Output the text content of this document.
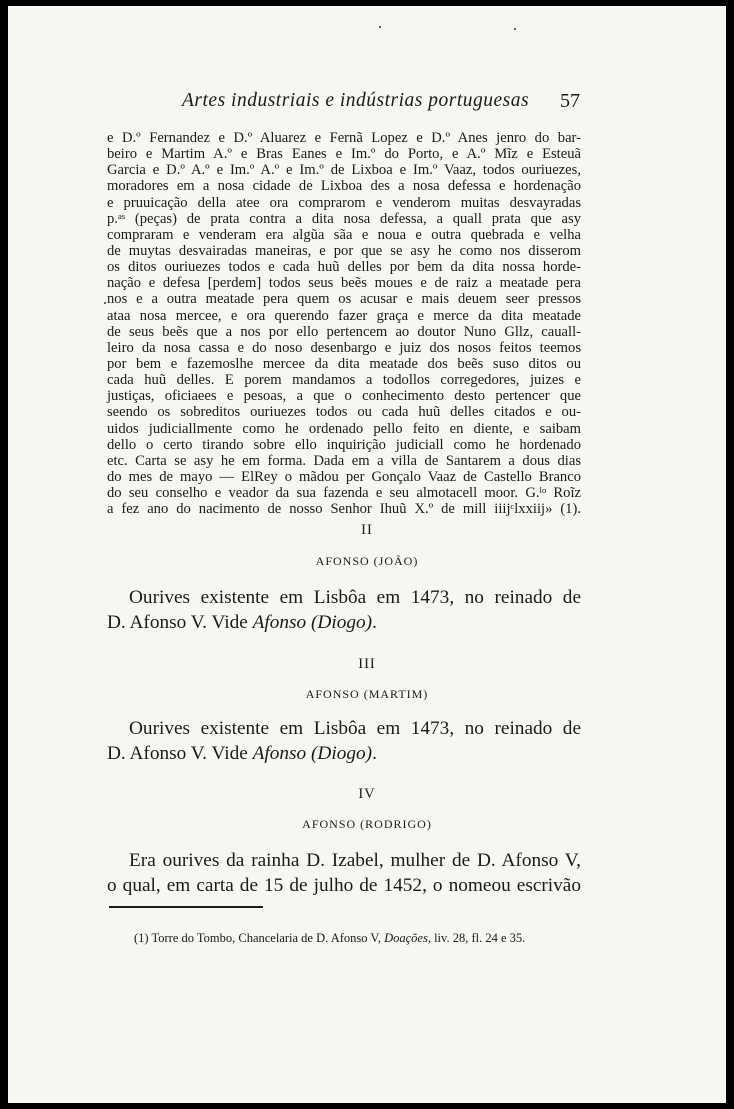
Artes industriais e indústrias portuguesas 57
e D.º Fernandez e D.º Aluarez e Fernã Lopez e D.º Anes jenro do bar-
beiro e Martim A.º e Bras Eanes e Im.º do Porto, e A.º Mĩz e Esteuã
Garcia e D.º A.º e Im.º A.º e Im.º de Lixboa e Im.º Vaaz, todos ouriuezes,
moradores em a nosa cidade de Lixboa des a nosa defessa e hordenação
e pruuicação della atee ora comprarom e venderom muitas desvayradas
p.ᵃˢ (peças) de prata contra a dita nosa defessa, a quall prata que asy
compraram e venderam era algũa sãa e noua e outra quebrada e velha
de muytas desvairadas maneiras, e por que se asy he como nos disserom
os ditos ouriuezes todos e cada huũ delles por bem da dita nossa horde-
nação e defesa [perdem] todos seus beẽs moues e de raiz a meatade pera
nos e a outra meatade pera quem os acusar e mais deuem seer pressos
ataa nosa mercee, e ora querendo fazer graça e merce da dita meatade
de seus beẽs que a nos por ello pertencem ao doutor Nuno Gllz, cauall-
leiro da nosa cassa e do noso desenbargo e juiz dos nosos feitos teemos
por bem e fazemoslhe mercee da dita meatade dos beẽs suso ditos ou
cada huũ delles. E porem mandamos a todollos corregedores, juizes e
justiças, oficiaees e pesoas, a que o conhecimento desto pertencer que
seendo os sobreditos ouriuezes todos ou cada huũ delles citados e ou-
uidos judiciallmente como he ordenado pello feito en diente, e saibam
dello o certo tirando sobre ello inquirição judiciall como he hordenado
etc. Carta se asy he em forma. Dada em a villa de Santarem a dous dias
do mes de mayo — ElRey o mãdou per Gonçalo Vaaz de Castello Branco
do seu conselho e veador da sua fazenda e seu almotacell moor. G.ˡᵒ Roĩz
a fez ano do nacimento de nosso Senhor Ihuũ X.º de mill iiijᶜlxxiij» (1).
II
AFONSO (JOÃO)
Ourives existente em Lisbôa em 1473, no reinado de
D. Afonso V. Vide Afonso (Diogo).
III
AFONSO (MARTIM)
Ourives existente em Lisbôa em 1473, no reinado de
D. Afonso V. Vide Afonso (Diogo).
IV
AFONSO (RODRIGO)
Era ourives da rainha D. Izabel, mulher de D. Afonso V,
o qual, em carta de 15 de julho de 1452, o nomeou escrivão
(1) Torre do Tombo, Chancelaria de D. Afonso V, Doações, liv. 28, fl. 24 e 35.
